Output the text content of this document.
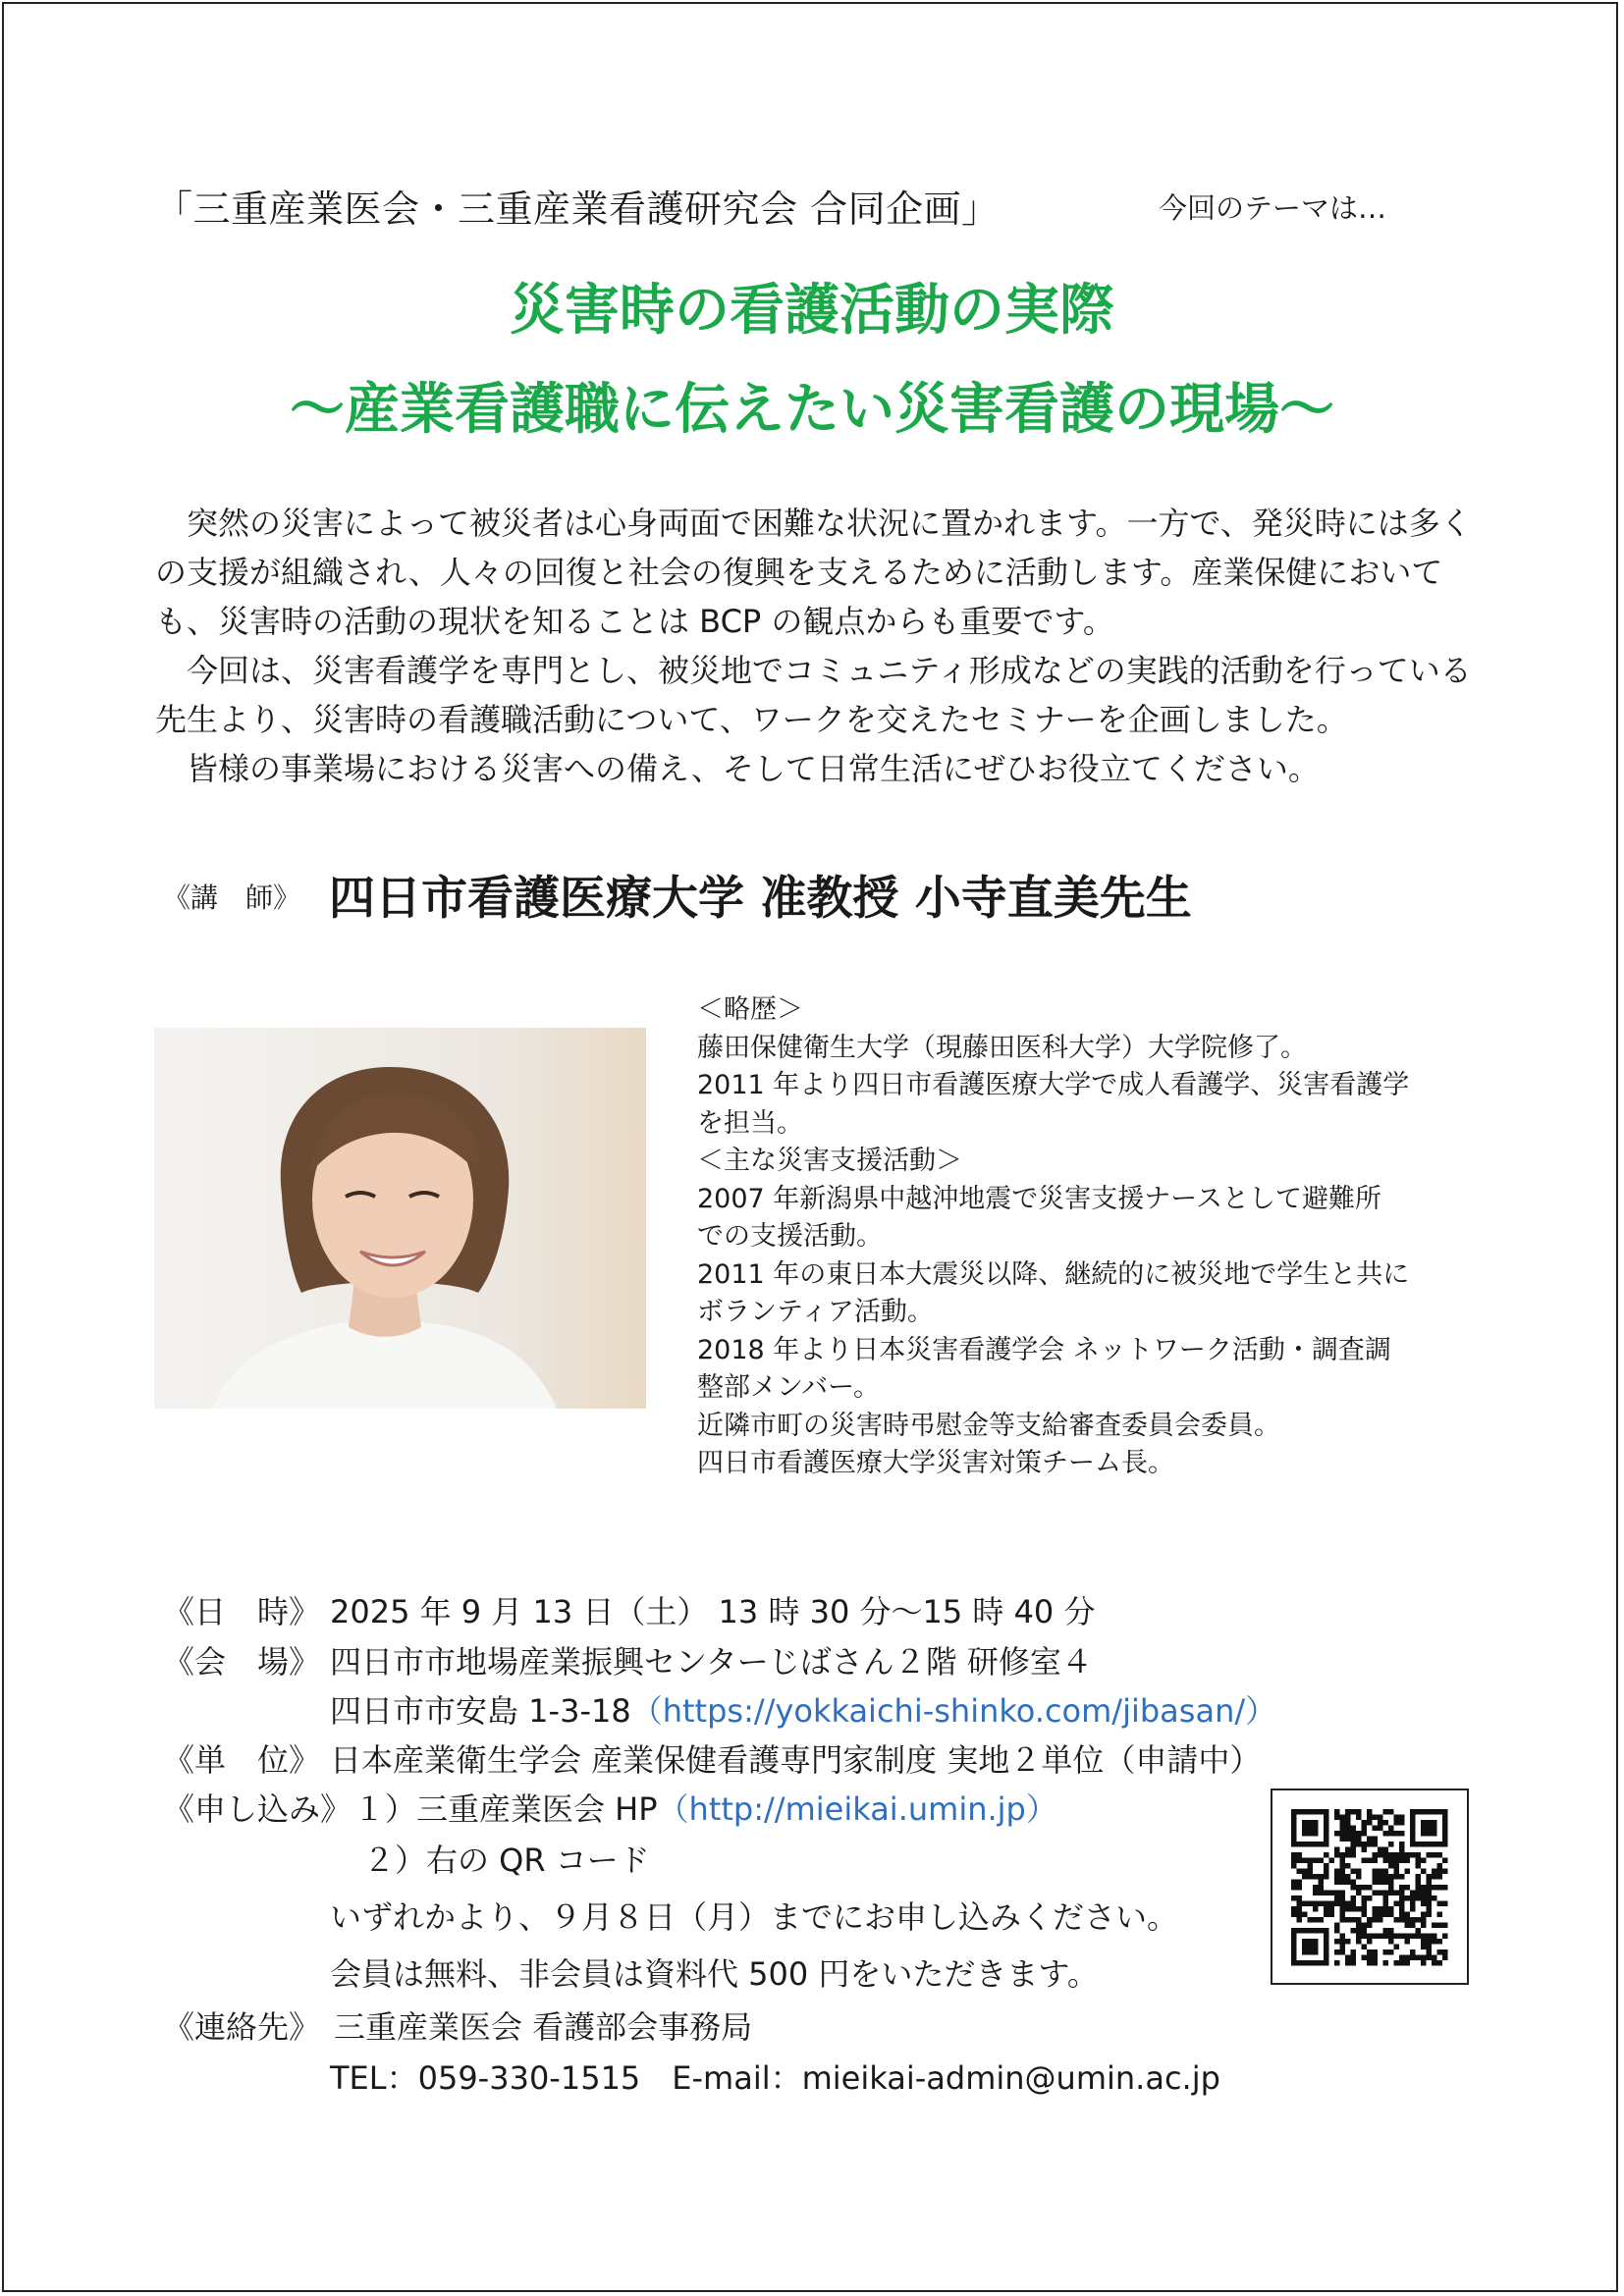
「三重産業医会・三重産業看護研究会 合同企画」	今回のテーマは…
災害時の看護活動の実際
～産業看護職に伝えたい災害看護の現場～

　突然の災害によって被災者は心身両面で困難な状況に置かれます。一方で、発災時には多くの支援が組織され、人々の回復と社会の復興を支えるために活動します。産業保健においても、災害時の活動の現状を知ることは BCP の観点からも重要です。

　今回は、災害看護学を専門とし、被災地でコミュニティ形成などの実践的活動を行っている先生より、災害時の看護職活動について、ワークを交えたセミナーを企画しました。

　皆様の事業場における災害への備え、そして日常生活にぜひお役立てください。

《講　師》 四日市看護医療大学 准教授 小寺直美先生
＜略歴＞
藤田保健衛生大学（現藤田医科大学）大学院修了。
2011 年より四日市看護医療大学で成人看護学、災害看護学
を担当。
＜主な災害支援活動＞
2007 年新潟県中越沖地震で災害支援ナースとして避難所
での支援活動。
2011 年の東日本大震災以降、継続的に被災地で学生と共に
ボランティア活動。
2018 年より日本災害看護学会 ネットワーク活動・調査調
整部メンバー。
近隣市町の災害時弔慰金等支給審査委員会委員。
四日市看護医療大学災害対策チーム長。
《日　時》 2025 年 9 月 13 日（土） 13 時 30 分～15 時 40 分
《会　場》 四日市市地場産業振興センターじばさん２階 研修室４
四日市市安島 1-3-18（https://yokkaichi-shinko.com/jibasan/）
《単　位》 日本産業衛生学会 産業保健看護専門家制度 実地２単位（申請中）
《申し込み》１）三重産業医会 HP（http://mieikai.umin.jp）
２）右の QR コード
いずれかより、９月８日（月）までにお申し込みください。
会員は無料、非会員は資料代 500 円をいただきます。
《連絡先》 三重産業医会 看護部会事務局
TEL：059-330-1515　E-mail：mieikai-admin@umin.ac.jp
